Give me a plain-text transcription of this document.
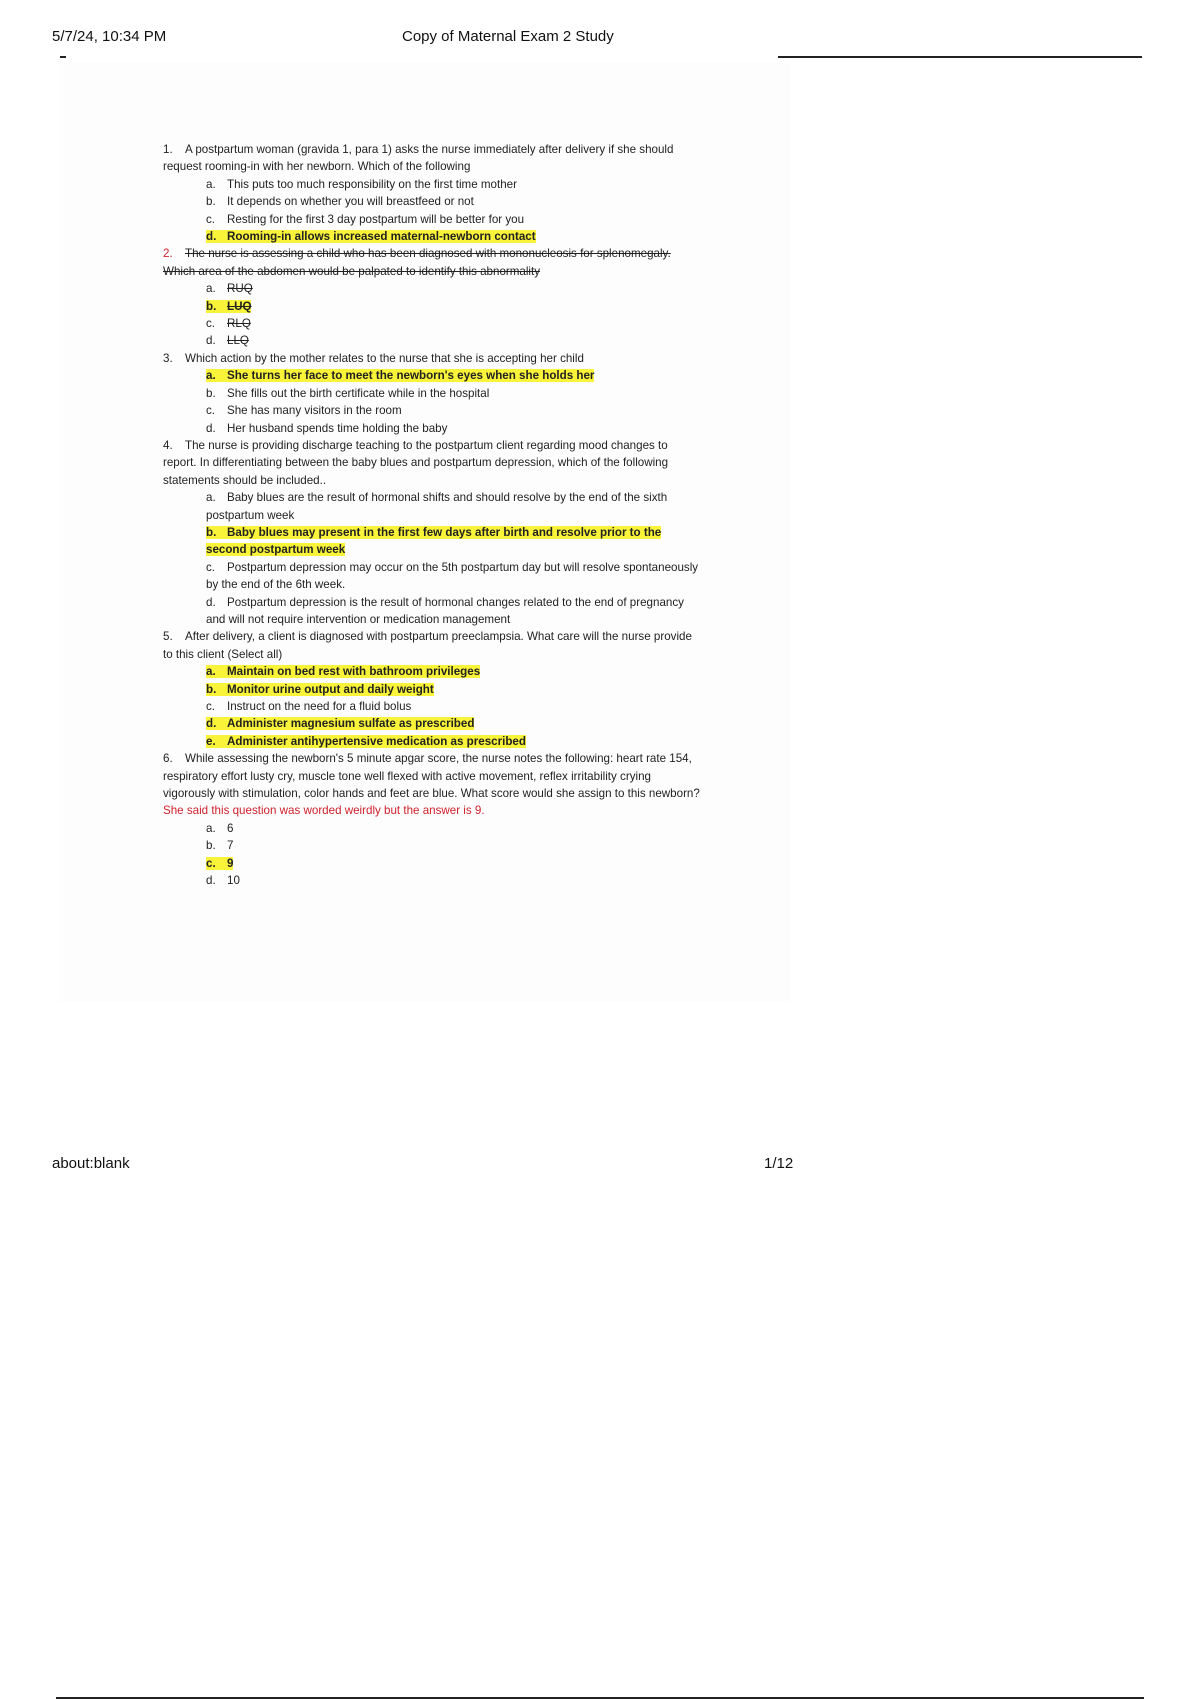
5/7/24, 10:34 PM	Copy of Maternal Exam 2 Study

1. A postpartum woman (gravida 1, para 1) asks the nurse immediately after delivery if she should request rooming-in with her newborn. Which of the following

a. This puts too much responsibility on the first time mother

b. It depends on whether you will breastfeed or not

c. Resting for the first 3 day postpartum will be better for you

d. Rooming-in allows increased maternal-newborn contact

2. The nurse is assessing a child who has been diagnosed with mononucleosis for splenomegaly. Which area of the abdomen would be palpated to identify this abnormality

a. RUQ

b. LUQ

c. RLQ

d. LLQ

3. Which action by the mother relates to the nurse that she is accepting her child

a. She turns her face to meet the newborn's eyes when she holds her

b. She fills out the birth certificate while in the hospital

c. She has many visitors in the room

d. Her husband spends time holding the baby

4. The nurse is providing discharge teaching to the postpartum client regarding mood changes to report. In differentiating between the baby blues and postpartum depression, which of the following statements should be included..

a. Baby blues are the result of hormonal shifts and should resolve by the end of the sixth postpartum week

b. Baby blues may present in the first few days after birth and resolve prior to the second postpartum week

c. Postpartum depression may occur on the 5th postpartum day but will resolve spontaneously by the end of the 6th week.

d. Postpartum depression is the result of hormonal changes related to the end of pregnancy and will not require intervention or medication management

5. After delivery, a client is diagnosed with postpartum preeclampsia. What care will the nurse provide to this client (Select all)

a. Maintain on bed rest with bathroom privileges

b. Monitor urine output and daily weight

c. Instruct on the need for a fluid bolus

d. Administer magnesium sulfate as prescribed

e. Administer antihypertensive medication as prescribed

6. While assessing the newborn's 5 minute apgar score, the nurse notes the following: heart rate 154, respiratory effort lusty cry, muscle tone well flexed with active movement, reflex irritability crying vigorously with stimulation, color hands and feet are blue. What score would she assign to this newborn? She said this question was worded weirdly but the answer is 9.

a. 6

b. 7

c. 9

d. 10

about:blank	1/12
